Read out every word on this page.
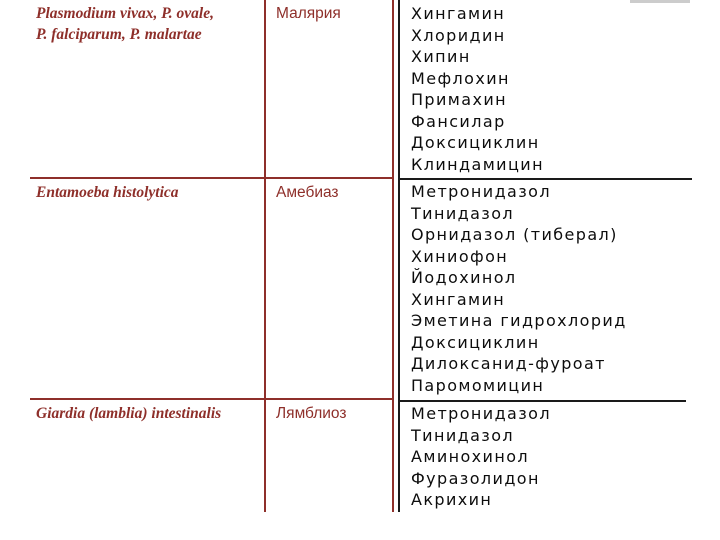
Plasmodium vivax, P. ovale,
P. falciparum, P. malartae
Малярия	Хингамин
Хлоридин
Хипин
Мефлохин
Примахин
Фансилар
Доксициклин
Клиндамицин
Entamoeba histolytica	Амебиаз	Метронидазол
Тинидазол
Орнидазол (тиберал)
Хиниофон
Йодохинол
Хингамин
Эметина гидрохлорид
Доксициклин
Дилоксанид-фуроат
Паромомицин
Giardia (lamblia) intestinalis	Лямблиоз	Метронидазол
Тинидазол
Аминохинол
Фуразолидон
Акрихин
